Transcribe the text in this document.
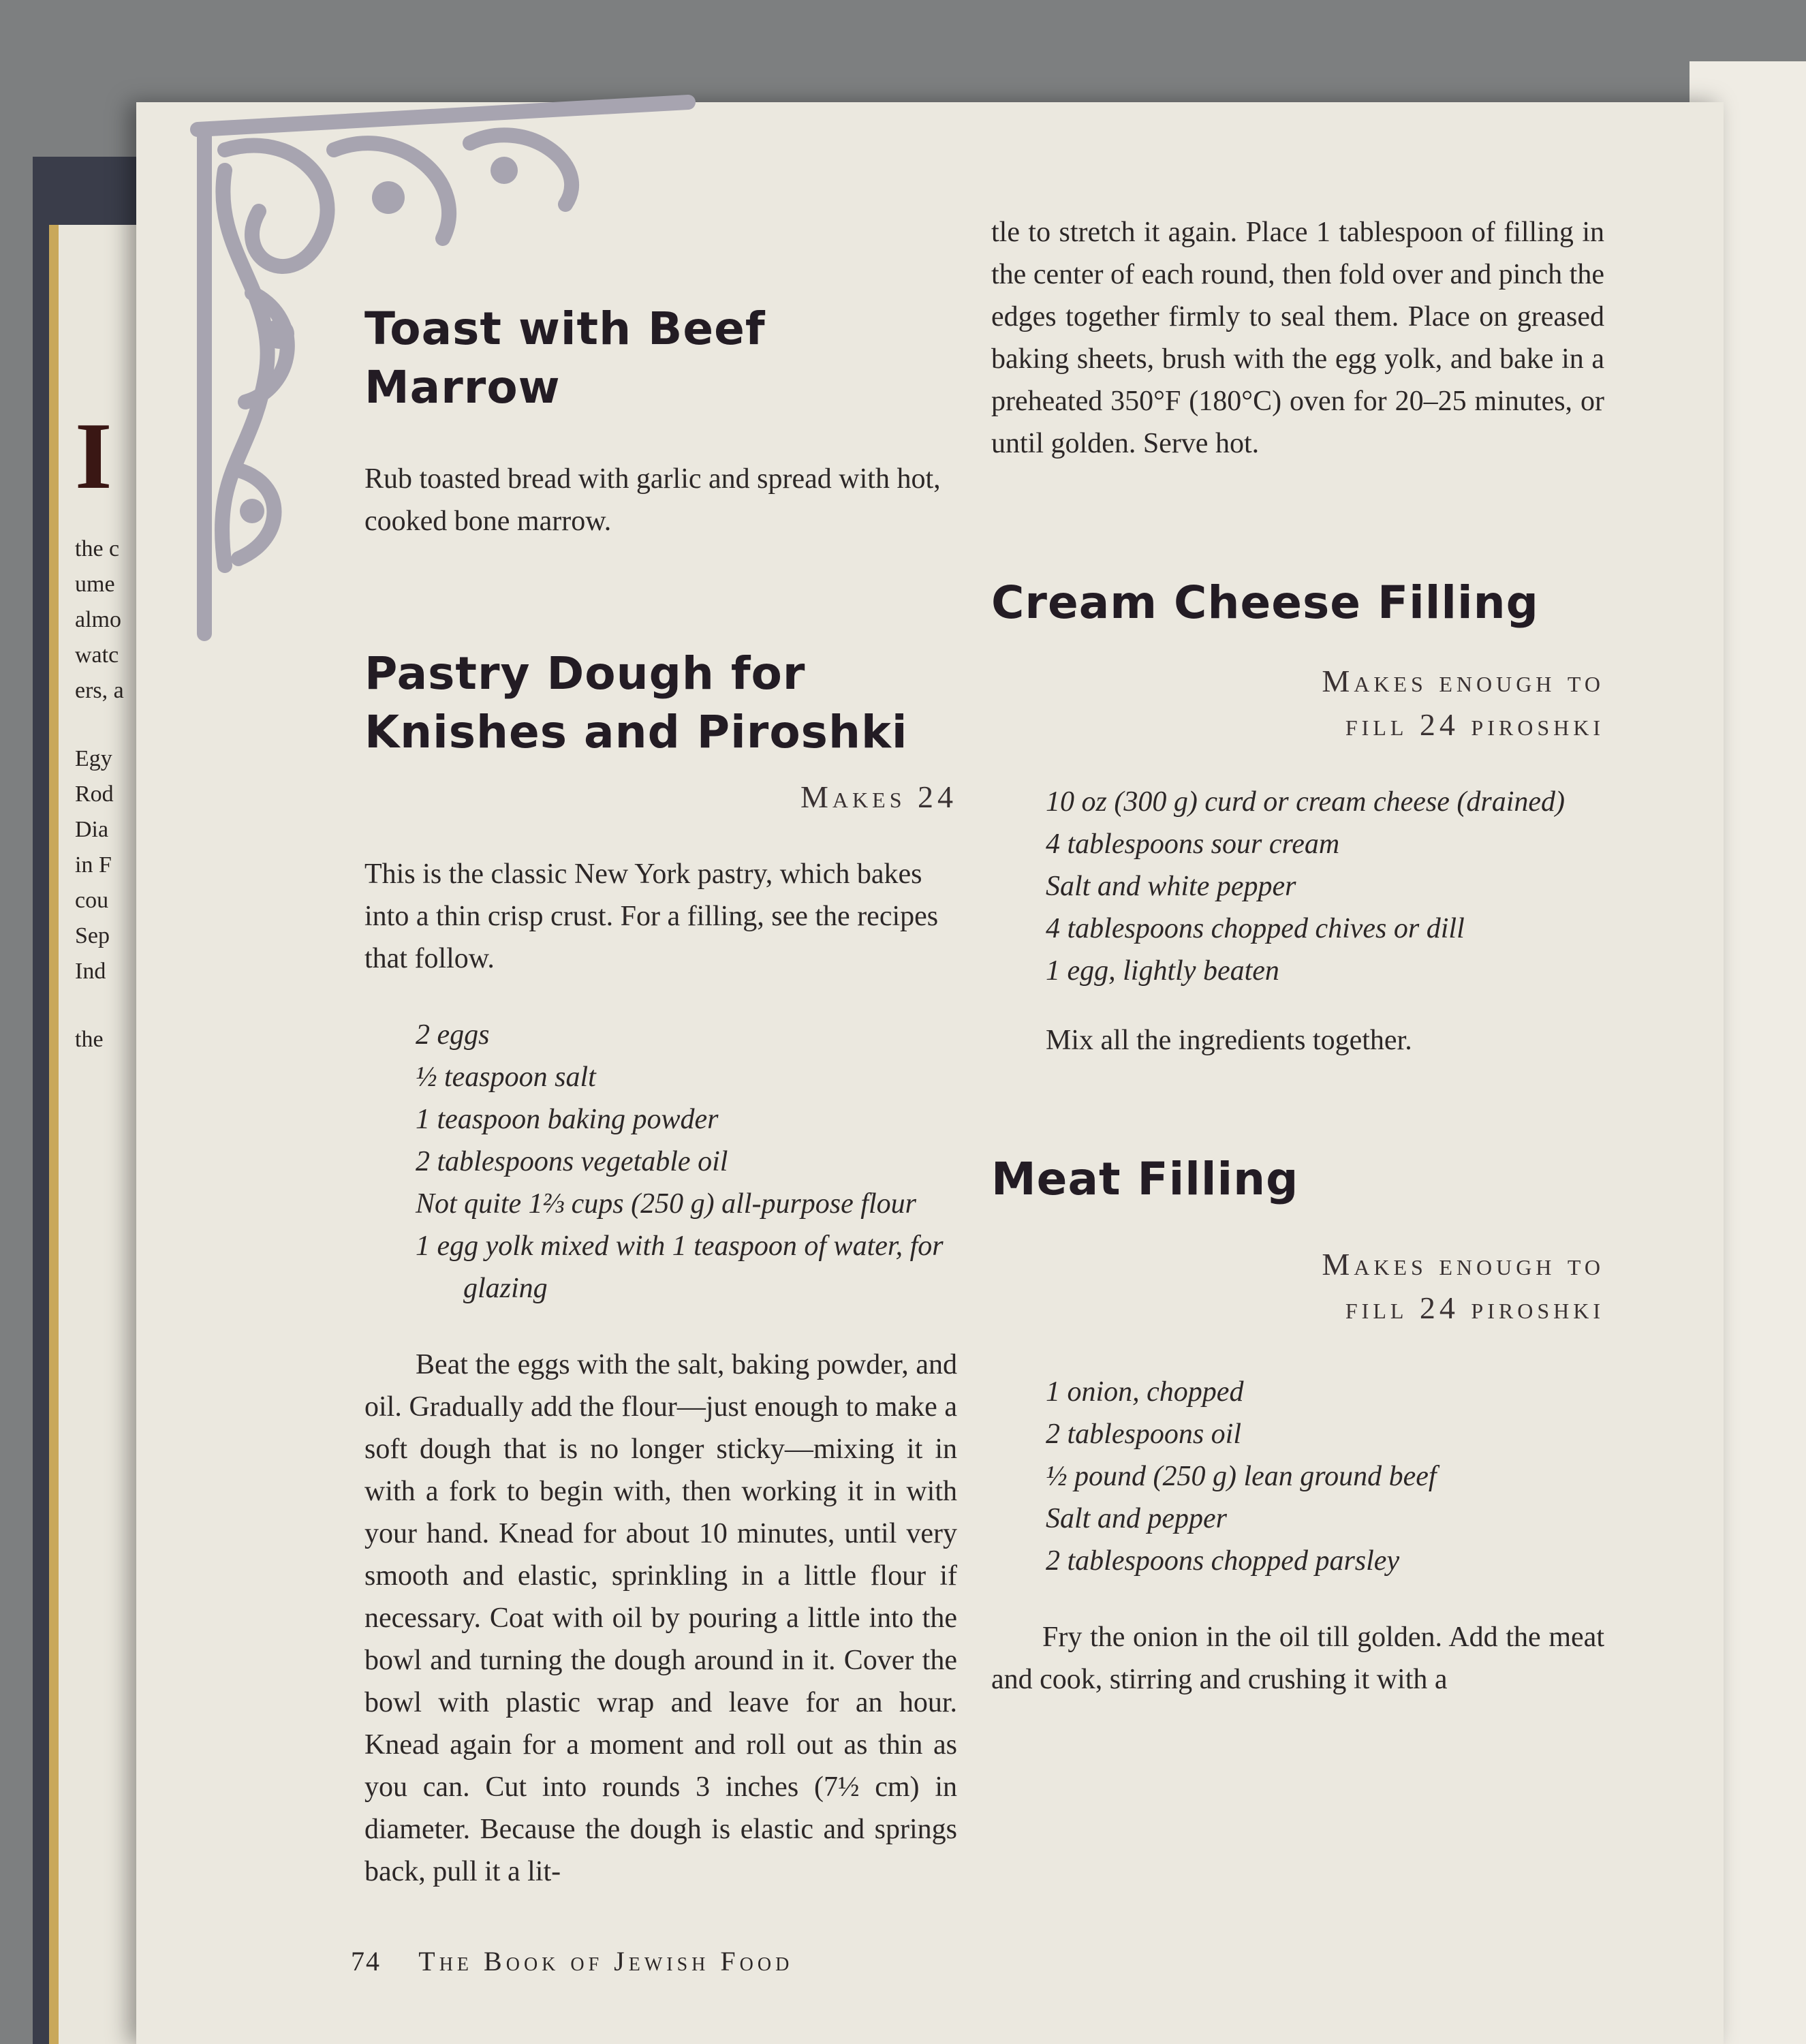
I
the c
ume
almo
watc
ers, a
Egy
Rod
Dia
in F
cou
Sep
Ind
the
Toast with Beef Marrow

Rub toasted bread with garlic and spread with hot, cooked bone marrow.

Pastry Dough for Knishes and Piroshki

Makes 24

This is the classic New York pastry, which bakes into a thin crisp crust. For a filling, see the recipes that follow.

2 eggs
½ teaspoon salt
1 teaspoon baking powder
2 tablespoons vegetable oil
Not quite 1⅔ cups (250 g) all-purpose flour
1 egg yolk mixed with 1 teaspoon of water, for glazing

Beat the eggs with the salt, baking powder, and oil. Gradually add the flour—just enough to make a soft dough that is no longer sticky—mixing it in with a fork to begin with, then working it in with your hand. Knead for about 10 minutes, until very smooth and elastic, sprinkling in a little flour if necessary. Coat with oil by pouring a little into the bowl and turning the dough around in it. Cover the bowl with plastic wrap and leave for an hour. Knead again for a moment and roll out as thin as you can. Cut into rounds 3 inches (7½ cm) in diameter. Because the dough is elastic and springs back, pull it a lit-

tle to stretch it again. Place 1 tablespoon of filling in the center of each round, then fold over and pinch the edges together firmly to seal them. Place on greased baking sheets, brush with the egg yolk, and bake in a preheated 350°F (180°C) oven for 20–25 minutes, or until golden. Serve hot.

Cream Cheese Filling

Makes enough to

fill 24 piroshki

10 oz (300 g) curd or cream cheese (drained)
4 tablespoons sour cream
Salt and white pepper
4 tablespoons chopped chives or dill
1 egg, lightly beaten

Mix all the ingredients together.

Meat Filling

Makes enough to

fill 24 piroshki

1 onion, chopped
2 tablespoons oil
½ pound (250 g) lean ground beef
Salt and pepper
2 tablespoons chopped parsley

Fry the onion in the oil till golden. Add the meat and cook, stirring and crushing it with a

74 The Book of Jewish Food
